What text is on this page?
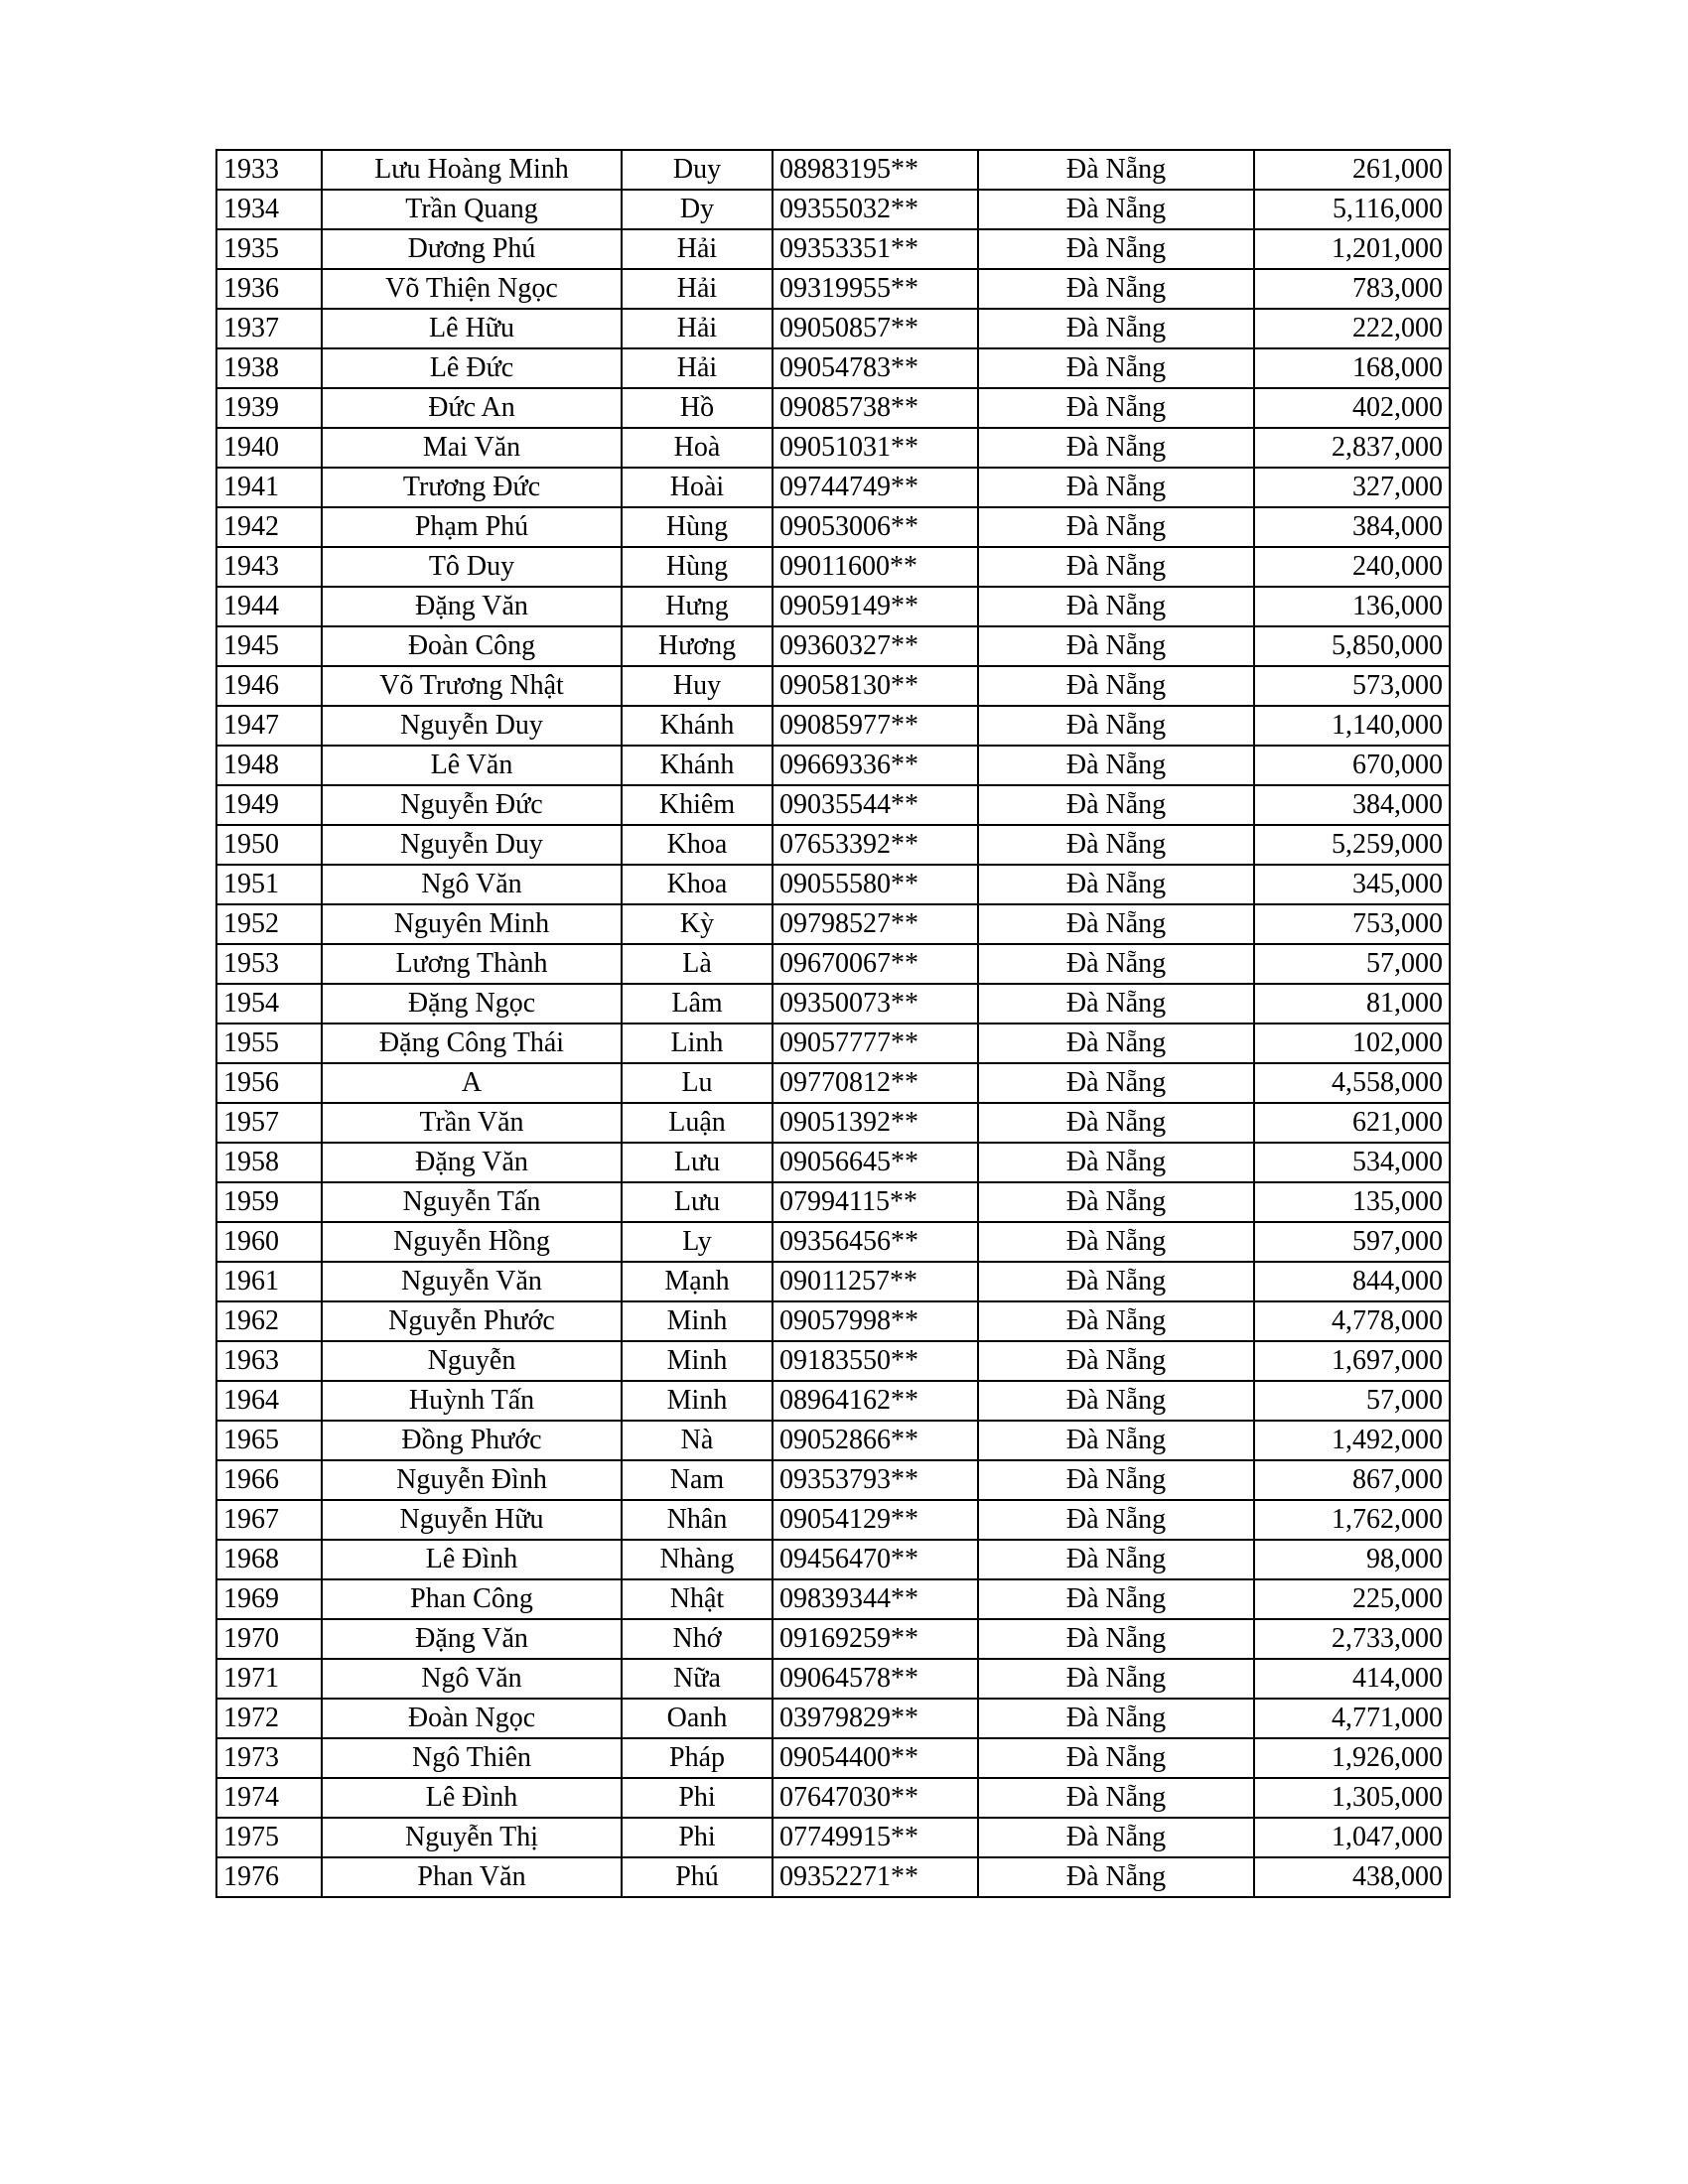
1933	Lưu Hoàng Minh	Duy	08983195**	Đà Nẵng	261,000
1934	Trần Quang	Dy	09355032**	Đà Nẵng	5,116,000
1935	Dương Phú	Hải	09353351**	Đà Nẵng	1,201,000
1936	Võ Thiện Ngọc	Hải	09319955**	Đà Nẵng	783,000
1937	Lê Hữu	Hải	09050857**	Đà Nẵng	222,000
1938	Lê Đức	Hải	09054783**	Đà Nẵng	168,000
1939	Đức An	Hồ	09085738**	Đà Nẵng	402,000
1940	Mai Văn	Hoà	09051031**	Đà Nẵng	2,837,000
1941	Trương Đức	Hoài	09744749**	Đà Nẵng	327,000
1942	Phạm Phú	Hùng	09053006**	Đà Nẵng	384,000
1943	Tô Duy	Hùng	09011600**	Đà Nẵng	240,000
1944	Đặng Văn	Hưng	09059149**	Đà Nẵng	136,000
1945	Đoàn Công	Hương	09360327**	Đà Nẵng	5,850,000
1946	Võ Trương Nhật	Huy	09058130**	Đà Nẵng	573,000
1947	Nguyễn Duy	Khánh	09085977**	Đà Nẵng	1,140,000
1948	Lê Văn	Khánh	09669336**	Đà Nẵng	670,000
1949	Nguyễn Đức	Khiêm	09035544**	Đà Nẵng	384,000
1950	Nguyễn Duy	Khoa	07653392**	Đà Nẵng	5,259,000
1951	Ngô Văn	Khoa	09055580**	Đà Nẵng	345,000
1952	Nguyên Minh	Kỳ	09798527**	Đà Nẵng	753,000
1953	Lương Thành	Là	09670067**	Đà Nẵng	57,000
1954	Đặng Ngọc	Lâm	09350073**	Đà Nẵng	81,000
1955	Đặng Công Thái	Linh	09057777**	Đà Nẵng	102,000
1956	A	Lu	09770812**	Đà Nẵng	4,558,000
1957	Trần Văn	Luận	09051392**	Đà Nẵng	621,000
1958	Đặng Văn	Lưu	09056645**	Đà Nẵng	534,000
1959	Nguyễn Tấn	Lưu	07994115**	Đà Nẵng	135,000
1960	Nguyễn Hồng	Ly	09356456**	Đà Nẵng	597,000
1961	Nguyễn Văn	Mạnh	09011257**	Đà Nẵng	844,000
1962	Nguyễn Phước	Minh	09057998**	Đà Nẵng	4,778,000
1963	Nguyễn	Minh	09183550**	Đà Nẵng	1,697,000
1964	Huỳnh Tấn	Minh	08964162**	Đà Nẵng	57,000
1965	Đồng Phước	Nà	09052866**	Đà Nẵng	1,492,000
1966	Nguyễn Đình	Nam	09353793**	Đà Nẵng	867,000
1967	Nguyễn Hữu	Nhân	09054129**	Đà Nẵng	1,762,000
1968	Lê Đình	Nhàng	09456470**	Đà Nẵng	98,000
1969	Phan Công	Nhật	09839344**	Đà Nẵng	225,000
1970	Đặng Văn	Nhớ	09169259**	Đà Nẵng	2,733,000
1971	Ngô Văn	Nữa	09064578**	Đà Nẵng	414,000
1972	Đoàn Ngọc	Oanh	03979829**	Đà Nẵng	4,771,000
1973	Ngô Thiên	Pháp	09054400**	Đà Nẵng	1,926,000
1974	Lê Đình	Phi	07647030**	Đà Nẵng	1,305,000
1975	Nguyễn Thị	Phi	07749915**	Đà Nẵng	1,047,000
1976	Phan Văn	Phú	09352271**	Đà Nẵng	438,000
